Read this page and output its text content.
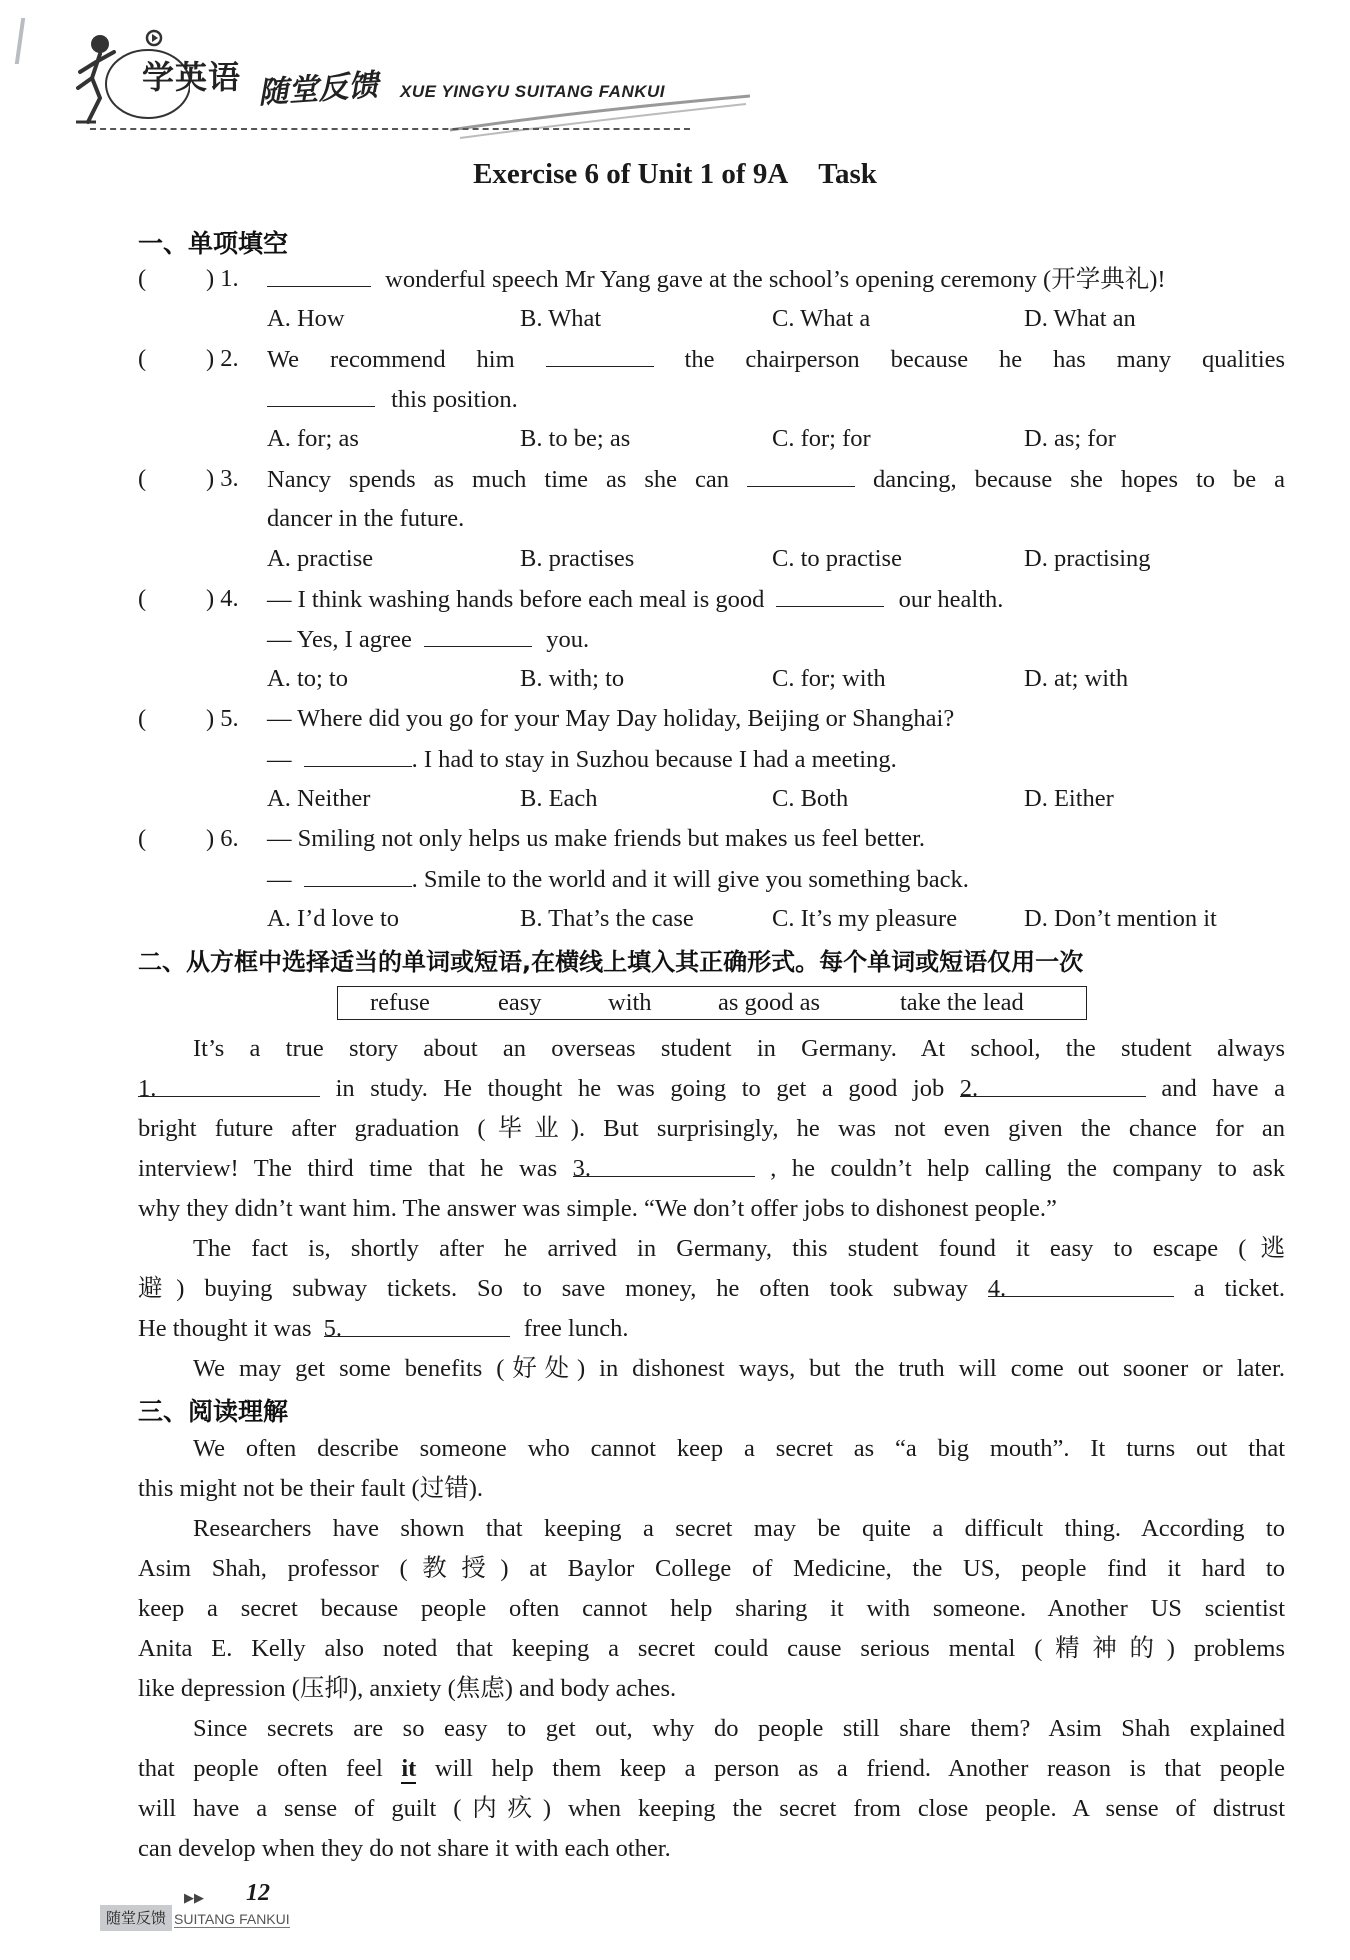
学英语 随堂反馈 XUE YINGYU SUITANG FANKUI
Exercise 6 of Unit 1 of 9A Task
一、单项填空
( ) 1.	wonderful speech Mr Yang gave at the school’s opening ceremony (开学典礼)!
A. How	B. What	C. What a	D. What an
( ) 2. We recommend him	the chairperson because he has many qualities
this position.
A. for; as	B. to be; as	C. for; for	D. as; for
( ) 3. Nancy spends as much time as she can	dancing, because she hopes to be a
dancer in the future.
A. practise	B. practises	C. to practise	D. practising
( ) 4. — I think washing hands before each meal is good	our health.
— Yes, I agree	you.
A. to; to	B. with; to	C. for; with	D. at; with
( ) 5. — Where did you go for your May Day holiday, Beijing or Shanghai?
—	. I had to stay in Suzhou because I had a meeting.
A. Neither	B. Each	C. Both	D. Either
( ) 6. — Smiling not only helps us make friends but makes us feel better.
—	. Smile to the world and it will give you something back.
A. I’d love to	B. That’s the case	C. It’s my pleasure	D. Don’t mention it
二、从方框中选择适当的单词或短语,在横线上填入其正确形式。每个单词或短语仅用一次
refuse	easy	with	as good as	take the lead
It’s a true story about an overseas student in Germany. At school, the student always
1.	in study. He thought he was going to get a good job 2.	and have a
bright future after graduation (毕业). But surprisingly, he was not even given the chance for an
interview! The third time that he was 3.	, he couldn’t help calling the company to ask
why they didn’t want him. The answer was simple. “We don’t offer jobs to dishonest people.”
The fact is, shortly after he arrived in Germany, this student found it easy to escape (逃
避) buying subway tickets. So to save money, he often took subway 4.	a ticket.
He thought it was 5.	free lunch.
We may get some benefits (好处) in dishonest ways, but the truth will come out sooner or later.
三、阅读理解
We often describe someone who cannot keep a secret as “a big mouth”. It turns out that
this might not be their fault (过错).
Researchers have shown that keeping a secret may be quite a difficult thing. According to
Asim Shah, professor (教授) at Baylor College of Medicine, the US, people find it hard to
keep a secret because people often cannot help sharing it with someone. Another US scientist
Anita E. Kelly also noted that keeping a secret could cause serious mental (精神的) problems
like depression (压抑), anxiety (焦虑) and body aches.
Since secrets are so easy to get out, why do people still share them? Asim Shah explained
that people often feel it will help them keep a person as a friend. Another reason is that people
will have a sense of guilt (内疚) when keeping the secret from close people. A sense of distrust
can develop when they do not share it with each other.
▶▶ 12
随堂反馈 SUITANG FANKUI
